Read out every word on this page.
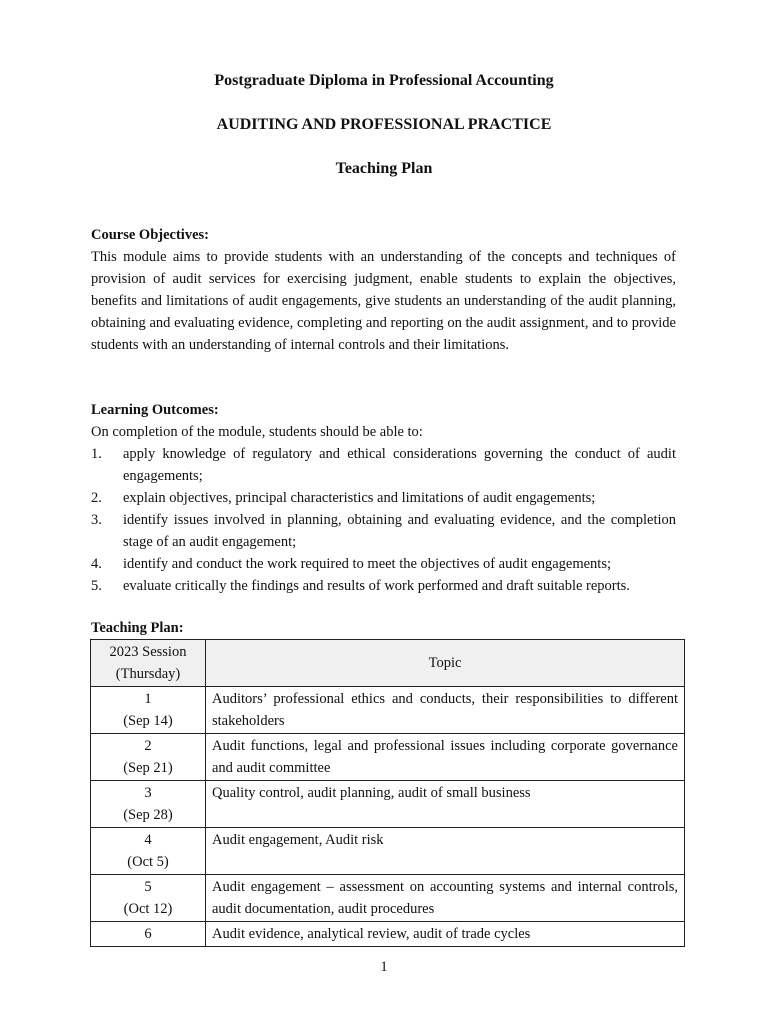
Postgraduate Diploma in Professional Accounting
AUDITING AND PROFESSIONAL PRACTICE
Teaching Plan
Course Objectives:
This module aims to provide students with an understanding of the concepts and techniques of provision of audit services for exercising judgment, enable students to explain the objectives, benefits and limitations of audit engagements, give students an understanding of the audit planning, obtaining and evaluating evidence, completing and reporting on the audit assignment, and to provide students with an understanding of internal controls and their limitations.
Learning Outcomes:
On completion of the module, students should be able to:
1.	apply knowledge of regulatory and ethical considerations governing the conduct of audit engagements;
2.	explain objectives, principal characteristics and limitations of audit engagements;
3.	identify issues involved in planning, obtaining and evaluating evidence, and the completion stage of an audit engagement;
4.	identify and conduct the work required to meet the objectives of audit engagements;
5.	evaluate critically the findings and results of work performed and draft suitable reports.
Teaching Plan:
2023 Session
(Thursday)	Topic

1
(Sep 14)	Auditors’ professional ethics and conducts, their responsibilities to different stakeholders

2
(Sep 21)	Audit functions, legal and professional issues including corporate governance and audit committee

3
(Sep 28)	Quality control, audit planning, audit of small business

4
(Oct 5)	Audit engagement, Audit risk

5
(Oct 12)	Audit engagement – assessment on accounting systems and internal controls, audit documentation, audit procedures

6	Audit evidence, analytical review, audit of trade cycles
1
